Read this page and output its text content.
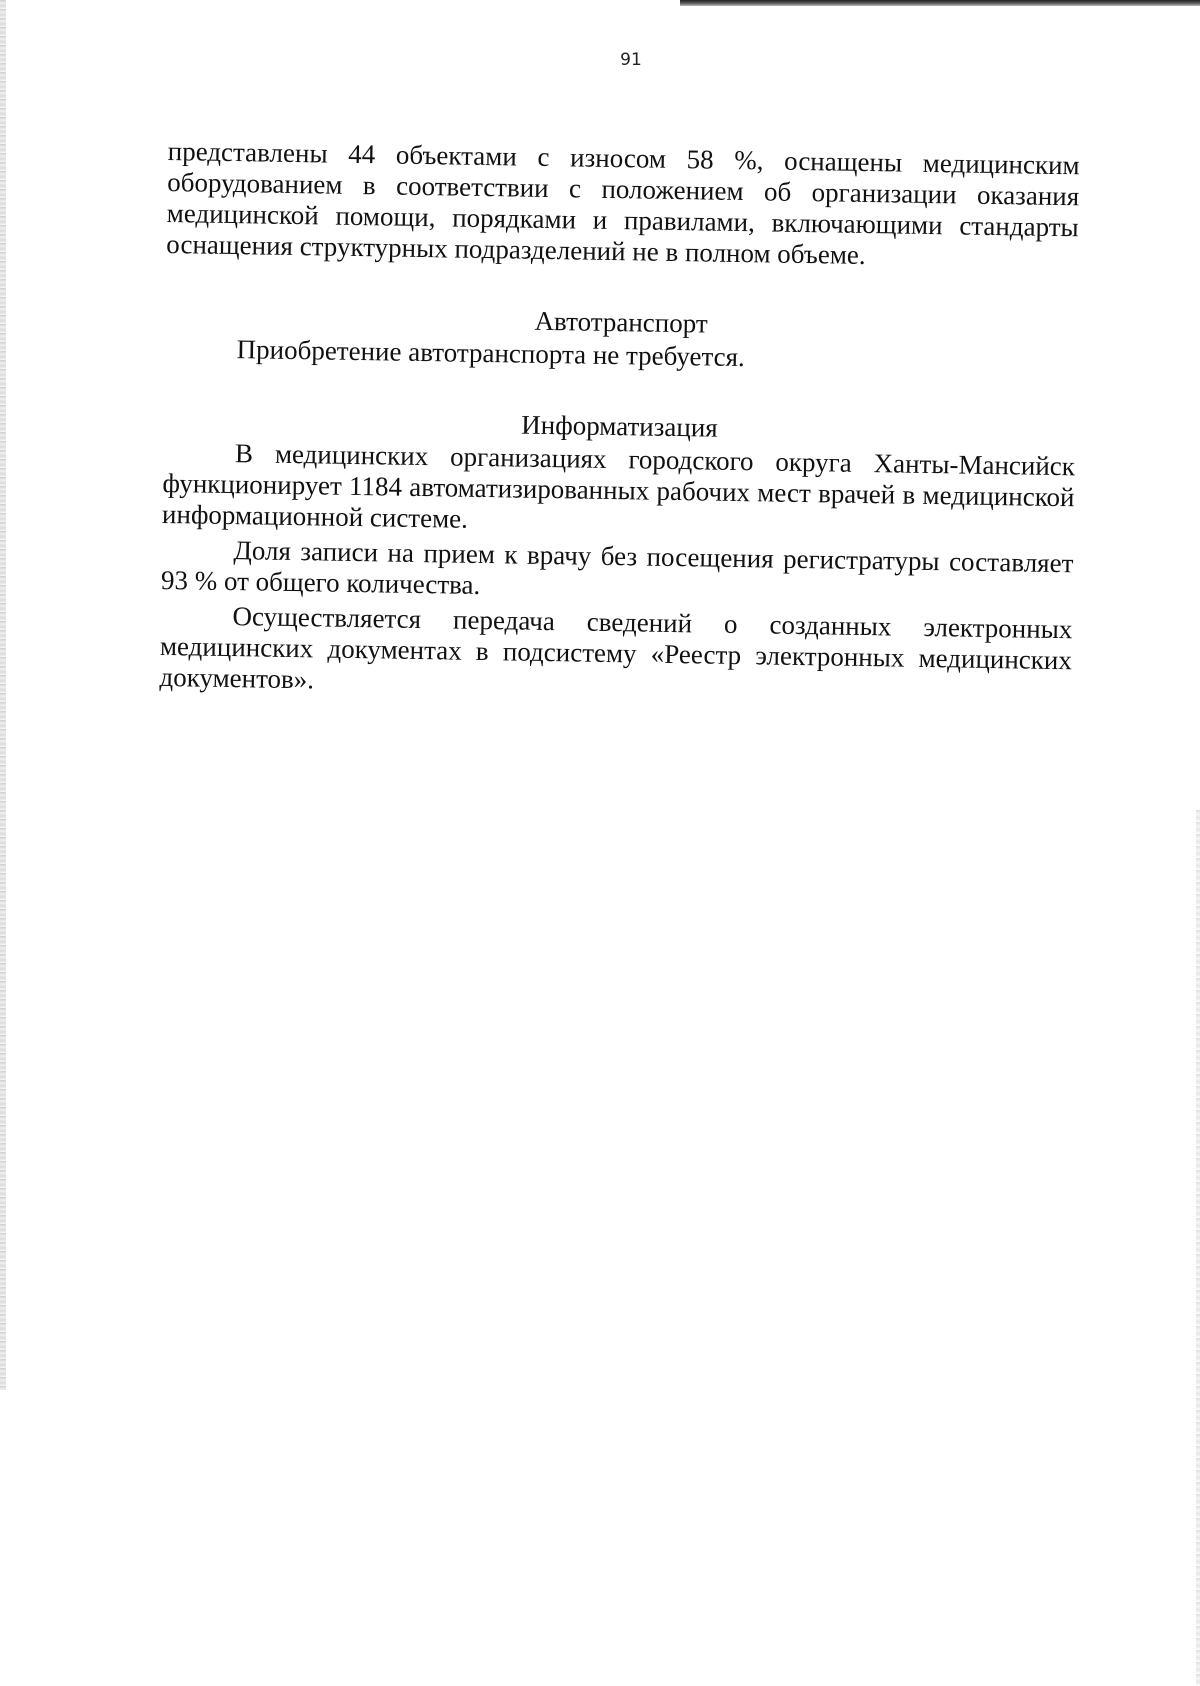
91

представлены 44 объектами с износом 58 %, оснащены медицинским оборудованием в соответствии с положением об организации оказания медицинской помощи, порядками и правилами, включающими стандарты оснащения структурных подразделений не в полном объеме.

Автотранспорт

Приобретение автотранспорта не требуется.

Информатизация

В медицинских организациях городского округа Ханты-Мансийск функционирует 1184 автоматизированных рабочих мест врачей в медицинской информационной системе.

Доля записи на прием к врачу без посещения регистратуры составляет 93 % от общего количества.

Осуществляется передача сведений о созданных электронных медицинских документах в подсистему «Реестр электронных медицинских документов».
